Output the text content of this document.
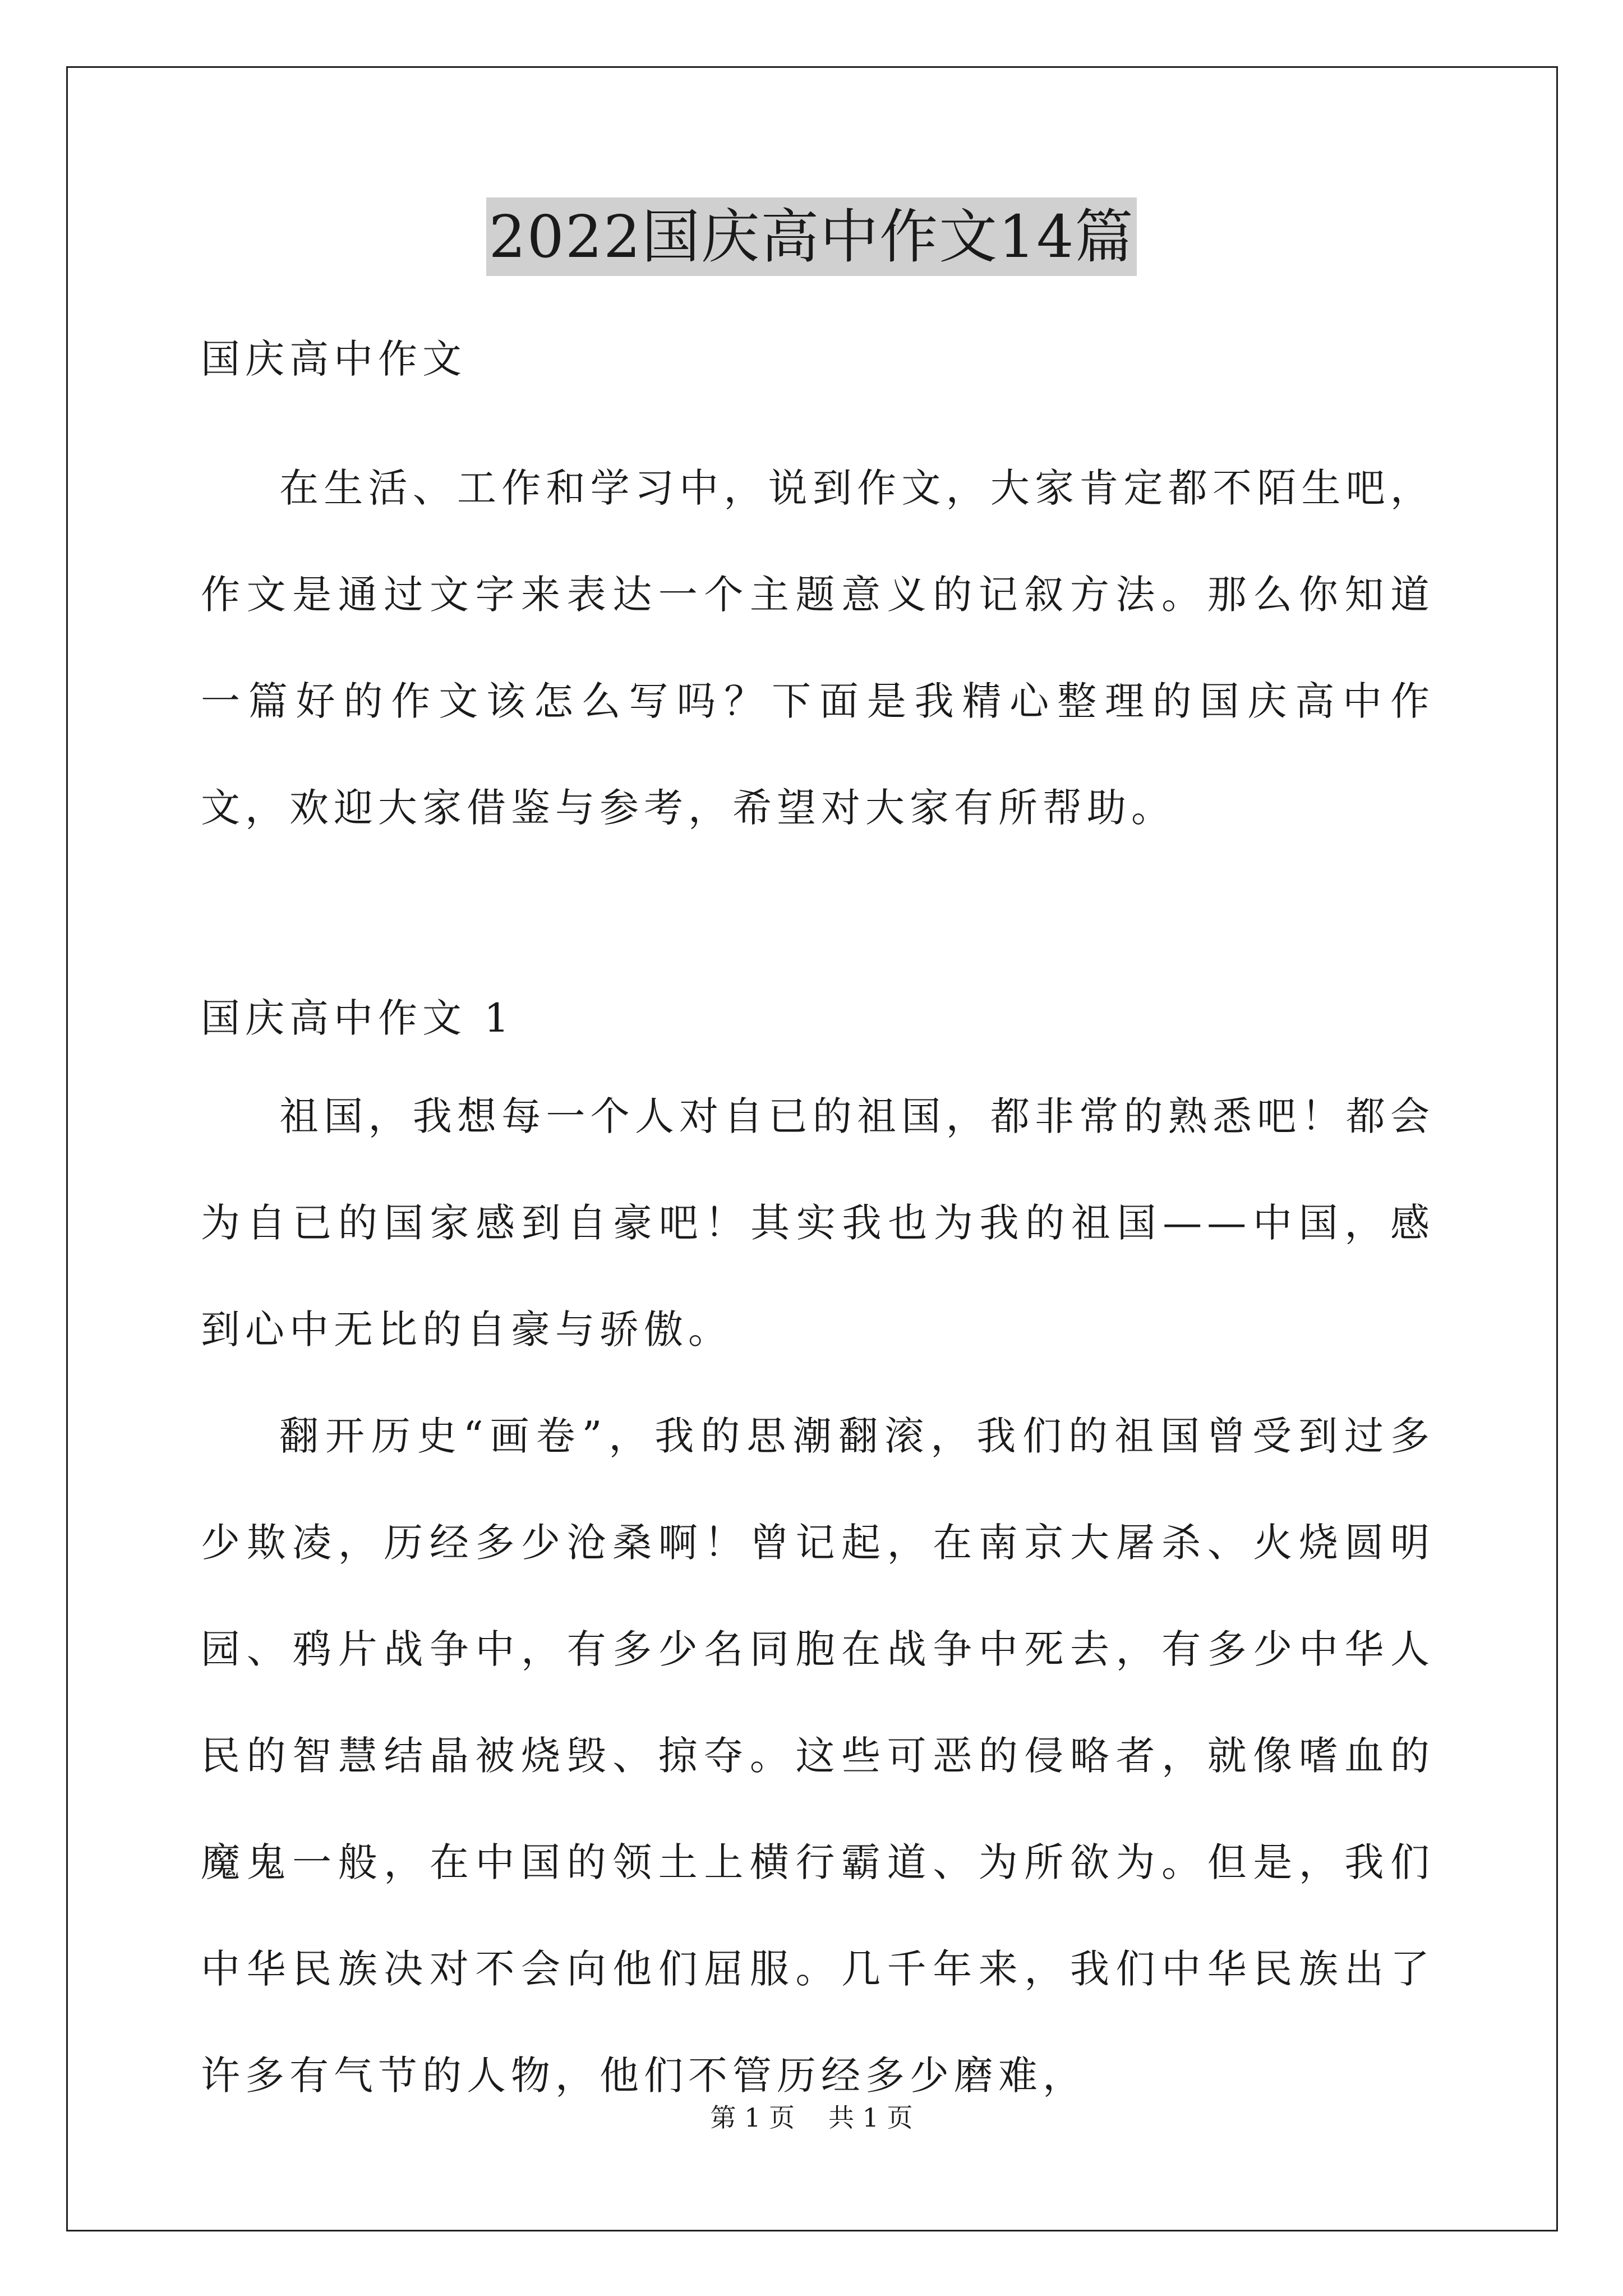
2022国庆高中作文14篇
国庆高中作文

在生活、工作和学习中，说到作文，大家肯定都不陌生吧，作文是通过文字来表达一个主题意义的记叙方法。那么你知道一篇好的作文该怎么写吗？下面是我精心整理的国庆高中作文，欢迎大家借鉴与参考，希望对大家有所帮助。

国庆高中作文 1

祖国，我想每一个人对自已的祖国，都非常的熟悉吧！都会为自已的国家感到自豪吧！其实我也为我的祖国——中国，感到心中无比的自豪与骄傲。

翻开历史“画卷”，我的思潮翻滚，我们的祖国曾受到过多少欺凌，历经多少沧桑啊！曾记起，在南京大屠杀、火烧圆明园、鸦片战争中，有多少名同胞在战争中死去，有多少中华人民的智慧结晶被烧毁、掠夺。这些可恶的侵略者，就像嗜血的魔鬼一般，在中国的领土上横行霸道、为所欲为。但是，我们中华民族决对不会向他们屈服。几千年来，我们中华民族出了许多有气节的人物，他们不管历经多少磨难，

第 1 页 共 1 页
